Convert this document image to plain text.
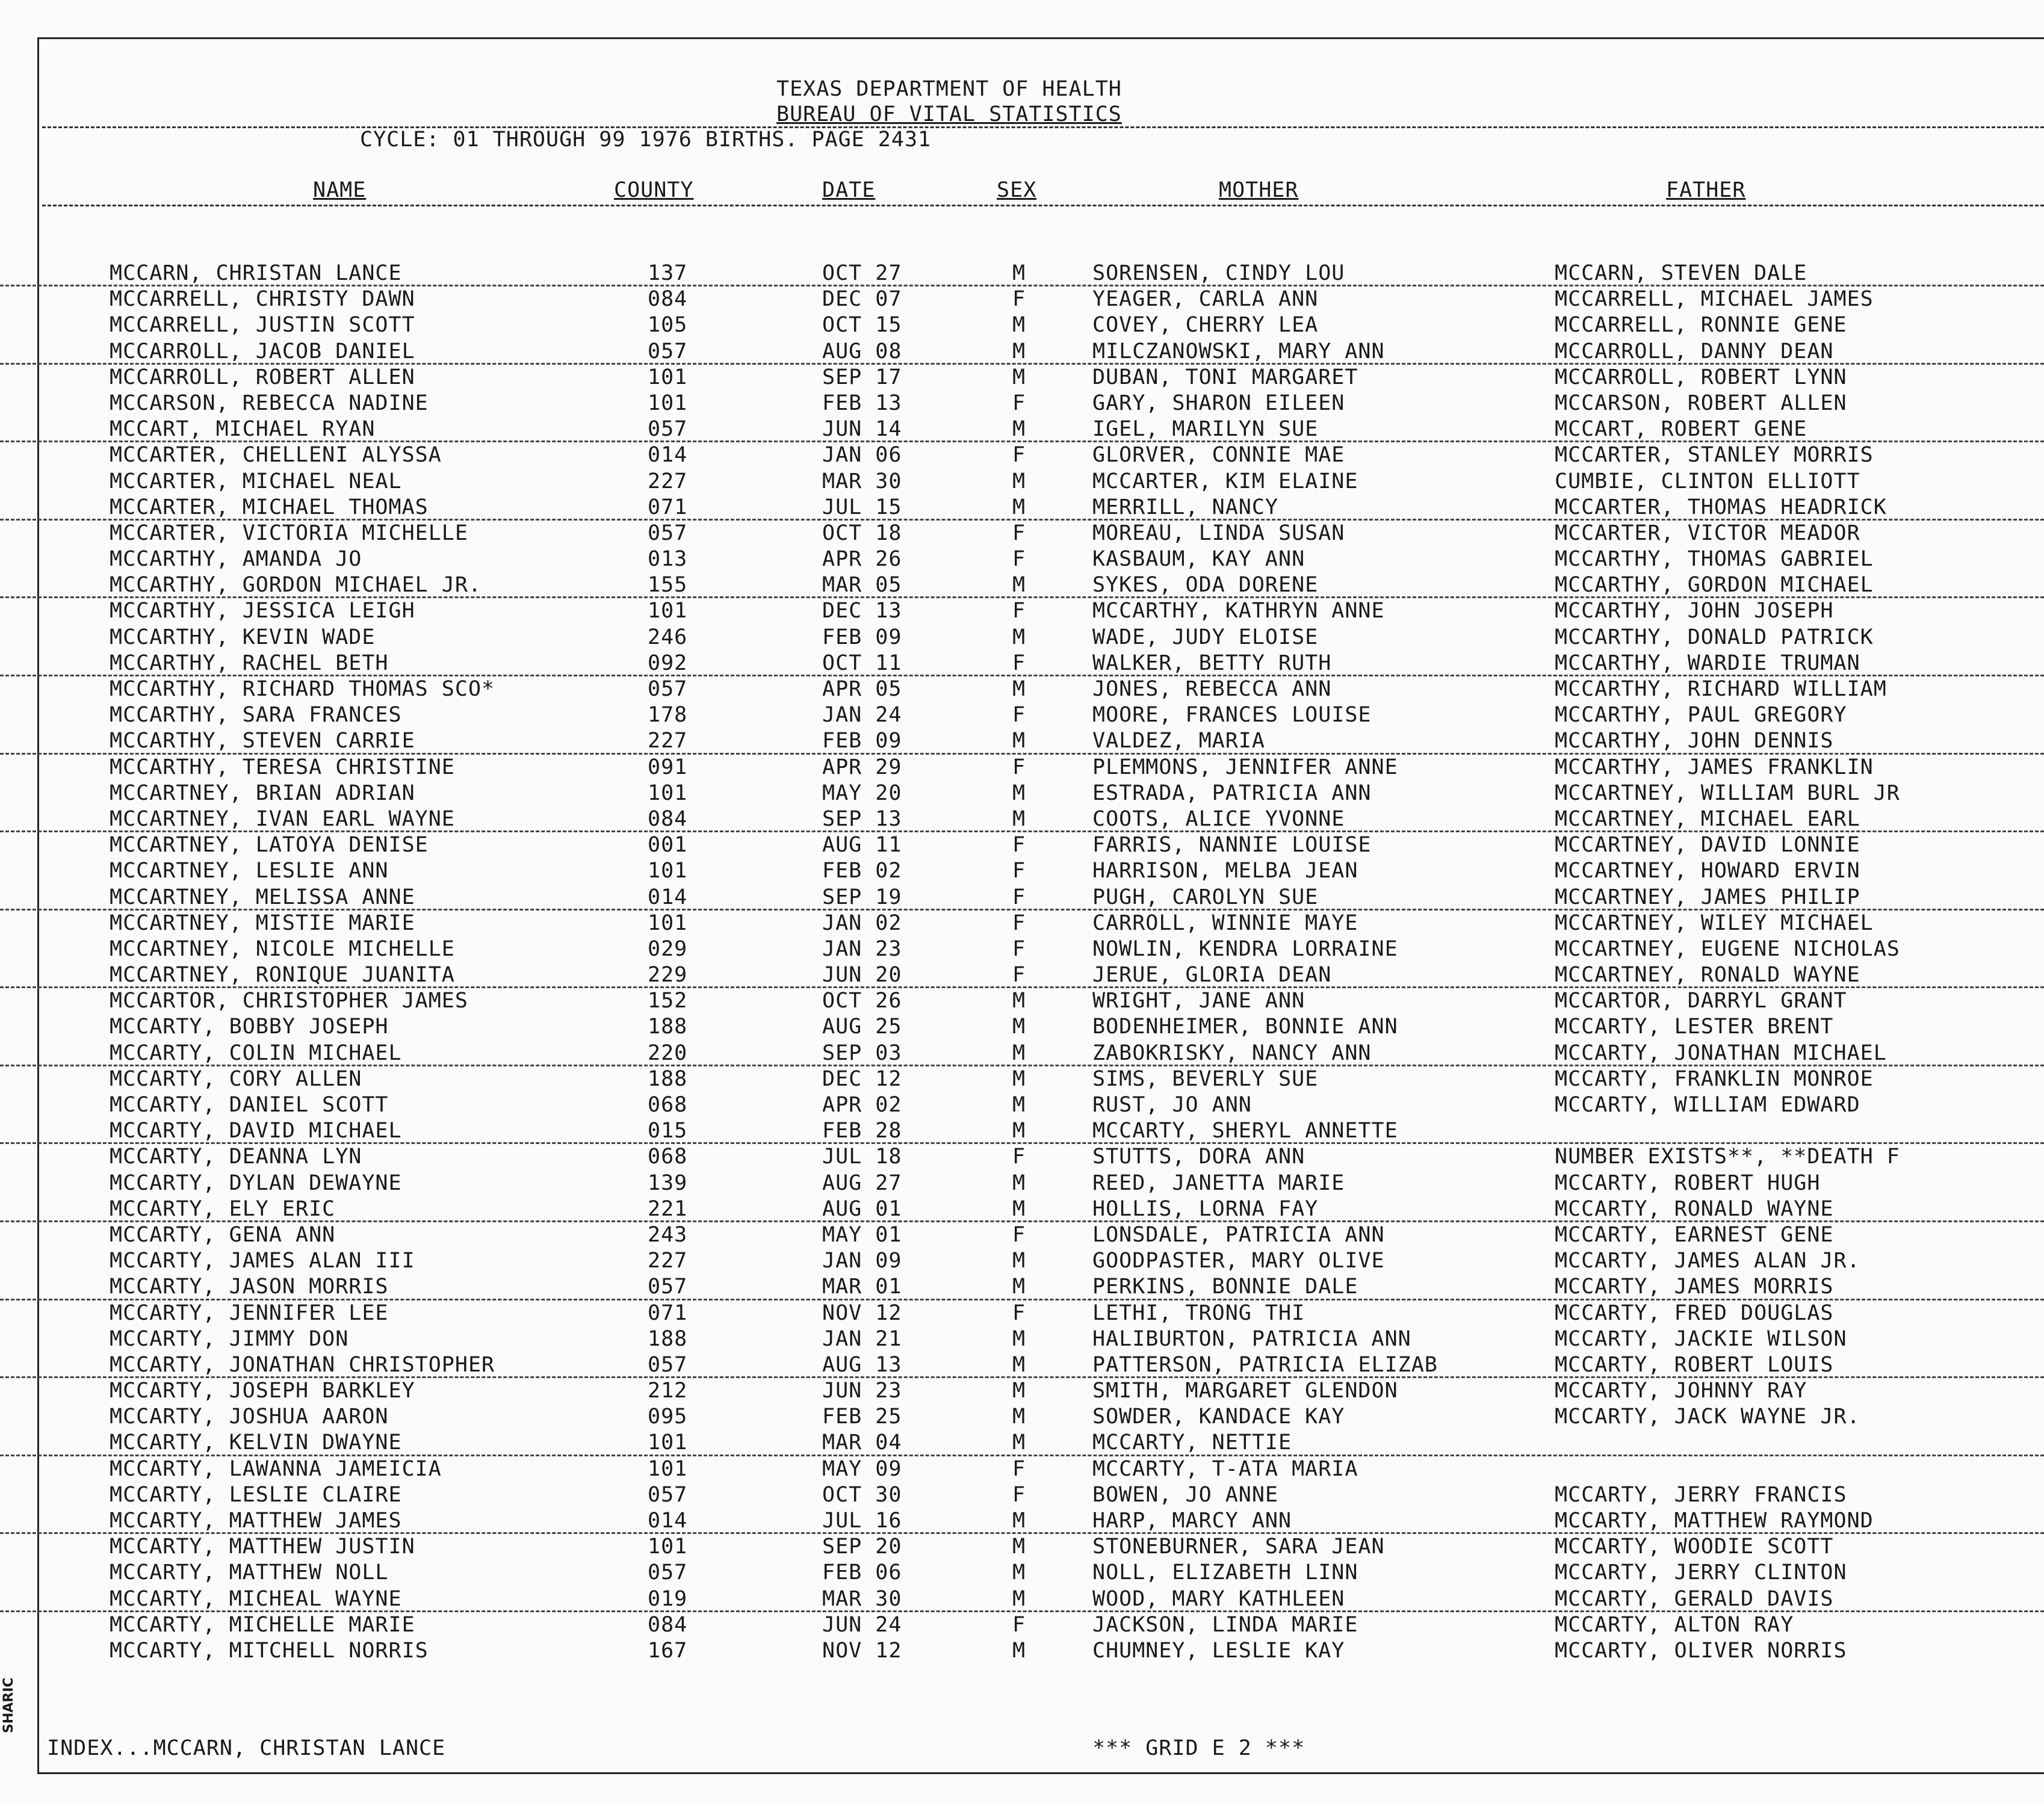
SHARIC
TEXAS DEPARTMENT OF HEALTH
BUREAU OF VITAL STATISTICS
CYCLE: 01 THROUGH 99 1976 BIRTHS. PAGE 2431
NAME	COUNTY	DATE	SEX	MOTHER	FATHER
MCCARN, CHRISTAN LANCE	137	OCT 27	M	SORENSEN, CINDY LOU	MCCARN, STEVEN DALE
MCCARRELL, CHRISTY DAWN	084	DEC 07	F	YEAGER, CARLA ANN	MCCARRELL, MICHAEL JAMES
MCCARRELL, JUSTIN SCOTT	105	OCT 15	M	COVEY, CHERRY LEA	MCCARRELL, RONNIE GENE
MCCARROLL, JACOB DANIEL	057	AUG 08	M	MILCZANOWSKI, MARY ANN	MCCARROLL, DANNY DEAN
MCCARROLL, ROBERT ALLEN	101	SEP 17	M	DUBAN, TONI MARGARET	MCCARROLL, ROBERT LYNN
MCCARSON, REBECCA NADINE	101	FEB 13	F	GARY, SHARON EILEEN	MCCARSON, ROBERT ALLEN
MCCART, MICHAEL RYAN	057	JUN 14	M	IGEL, MARILYN SUE	MCCART, ROBERT GENE
MCCARTER, CHELLENI ALYSSA	014	JAN 06	F	GLORVER, CONNIE MAE	MCCARTER, STANLEY MORRIS
MCCARTER, MICHAEL NEAL	227	MAR 30	M	MCCARTER, KIM ELAINE	CUMBIE, CLINTON ELLIOTT
MCCARTER, MICHAEL THOMAS	071	JUL 15	M	MERRILL, NANCY	MCCARTER, THOMAS HEADRICK
MCCARTER, VICTORIA MICHELLE	057	OCT 18	F	MOREAU, LINDA SUSAN	MCCARTER, VICTOR MEADOR
MCCARTHY, AMANDA JO	013	APR 26	F	KASBAUM, KAY ANN	MCCARTHY, THOMAS GABRIEL
MCCARTHY, GORDON MICHAEL JR.	155	MAR 05	M	SYKES, ODA DORENE	MCCARTHY, GORDON MICHAEL
MCCARTHY, JESSICA LEIGH	101	DEC 13	F	MCCARTHY, KATHRYN ANNE	MCCARTHY, JOHN JOSEPH
MCCARTHY, KEVIN WADE	246	FEB 09	M	WADE, JUDY ELOISE	MCCARTHY, DONALD PATRICK
MCCARTHY, RACHEL BETH	092	OCT 11	F	WALKER, BETTY RUTH	MCCARTHY, WARDIE TRUMAN
MCCARTHY, RICHARD THOMAS SCO*	057	APR 05	M	JONES, REBECCA ANN	MCCARTHY, RICHARD WILLIAM
MCCARTHY, SARA FRANCES	178	JAN 24	F	MOORE, FRANCES LOUISE	MCCARTHY, PAUL GREGORY
MCCARTHY, STEVEN CARRIE	227	FEB 09	M	VALDEZ, MARIA	MCCARTHY, JOHN DENNIS
MCCARTHY, TERESA CHRISTINE	091	APR 29	F	PLEMMONS, JENNIFER ANNE	MCCARTHY, JAMES FRANKLIN
MCCARTNEY, BRIAN ADRIAN	101	MAY 20	M	ESTRADA, PATRICIA ANN	MCCARTNEY, WILLIAM BURL JR
MCCARTNEY, IVAN EARL WAYNE	084	SEP 13	M	COOTS, ALICE YVONNE	MCCARTNEY, MICHAEL EARL
MCCARTNEY, LATOYA DENISE	001	AUG 11	F	FARRIS, NANNIE LOUISE	MCCARTNEY, DAVID LONNIE
MCCARTNEY, LESLIE ANN	101	FEB 02	F	HARRISON, MELBA JEAN	MCCARTNEY, HOWARD ERVIN
MCCARTNEY, MELISSA ANNE	014	SEP 19	F	PUGH, CAROLYN SUE	MCCARTNEY, JAMES PHILIP
MCCARTNEY, MISTIE MARIE	101	JAN 02	F	CARROLL, WINNIE MAYE	MCCARTNEY, WILEY MICHAEL
MCCARTNEY, NICOLE MICHELLE	029	JAN 23	F	NOWLIN, KENDRA LORRAINE	MCCARTNEY, EUGENE NICHOLAS
MCCARTNEY, RONIQUE JUANITA	229	JUN 20	F	JERUE, GLORIA DEAN	MCCARTNEY, RONALD WAYNE
MCCARTOR, CHRISTOPHER JAMES	152	OCT 26	M	WRIGHT, JANE ANN	MCCARTOR, DARRYL GRANT
MCCARTY, BOBBY JOSEPH	188	AUG 25	M	BODENHEIMER, BONNIE ANN	MCCARTY, LESTER BRENT
MCCARTY, COLIN MICHAEL	220	SEP 03	M	ZABOKRISKY, NANCY ANN	MCCARTY, JONATHAN MICHAEL
MCCARTY, CORY ALLEN	188	DEC 12	M	SIMS, BEVERLY SUE	MCCARTY, FRANKLIN MONROE
MCCARTY, DANIEL SCOTT	068	APR 02	M	RUST, JO ANN	MCCARTY, WILLIAM EDWARD
MCCARTY, DAVID MICHAEL	015	FEB 28	M	MCCARTY, SHERYL ANNETTE
MCCARTY, DEANNA LYN	068	JUL 18	F	STUTTS, DORA ANN	NUMBER EXISTS**, **DEATH F
MCCARTY, DYLAN DEWAYNE	139	AUG 27	M	REED, JANETTA MARIE	MCCARTY, ROBERT HUGH
MCCARTY, ELY ERIC	221	AUG 01	M	HOLLIS, LORNA FAY	MCCARTY, RONALD WAYNE
MCCARTY, GENA ANN	243	MAY 01	F	LONSDALE, PATRICIA ANN	MCCARTY, EARNEST GENE
MCCARTY, JAMES ALAN III	227	JAN 09	M	GOODPASTER, MARY OLIVE	MCCARTY, JAMES ALAN JR.
MCCARTY, JASON MORRIS	057	MAR 01	M	PERKINS, BONNIE DALE	MCCARTY, JAMES MORRIS
MCCARTY, JENNIFER LEE	071	NOV 12	F	LETHI, TRONG THI	MCCARTY, FRED DOUGLAS
MCCARTY, JIMMY DON	188	JAN 21	M	HALIBURTON, PATRICIA ANN	MCCARTY, JACKIE WILSON
MCCARTY, JONATHAN CHRISTOPHER	057	AUG 13	M	PATTERSON, PATRICIA ELIZAB	MCCARTY, ROBERT LOUIS
MCCARTY, JOSEPH BARKLEY	212	JUN 23	M	SMITH, MARGARET GLENDON	MCCARTY, JOHNNY RAY
MCCARTY, JOSHUA AARON	095	FEB 25	M	SOWDER, KANDACE KAY	MCCARTY, JACK WAYNE JR.
MCCARTY, KELVIN DWAYNE	101	MAR 04	M	MCCARTY, NETTIE
MCCARTY, LAWANNA JAMEICIA	101	MAY 09	F	MCCARTY, T-ATA MARIA
MCCARTY, LESLIE CLAIRE	057	OCT 30	F	BOWEN, JO ANNE	MCCARTY, JERRY FRANCIS
MCCARTY, MATTHEW JAMES	014	JUL 16	M	HARP, MARCY ANN	MCCARTY, MATTHEW RAYMOND
MCCARTY, MATTHEW JUSTIN	101	SEP 20	M	STONEBURNER, SARA JEAN	MCCARTY, WOODIE SCOTT
MCCARTY, MATTHEW NOLL	057	FEB 06	M	NOLL, ELIZABETH LINN	MCCARTY, JERRY CLINTON
MCCARTY, MICHEAL WAYNE	019	MAR 30	M	WOOD, MARY KATHLEEN	MCCARTY, GERALD DAVIS
MCCARTY, MICHELLE MARIE	084	JUN 24	F	JACKSON, LINDA MARIE	MCCARTY, ALTON RAY
MCCARTY, MITCHELL NORRIS	167	NOV 12	M	CHUMNEY, LESLIE KAY	MCCARTY, OLIVER NORRIS
INDEX...MCCARN, CHRISTAN LANCE	*** GRID E 2 ***
